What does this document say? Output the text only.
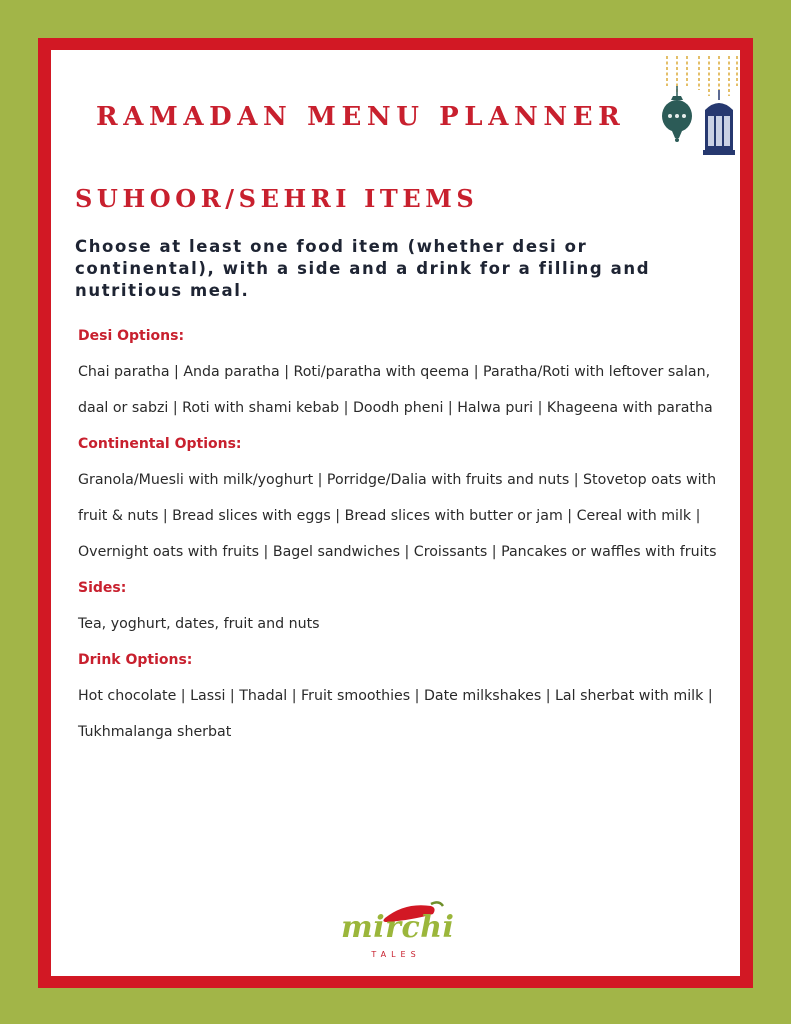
RAMADAN MENU PLANNER
SUHOOR/SEHRI ITEMS

Choose at least one food item (whether desi or continental), with a side and a drink for a filling and nutritious meal.

Desi Options:

Chai paratha | Anda paratha | Roti/paratha with qeema | Paratha/Roti with leftover salan, daal or sabzi | Roti with shami kebab | Doodh pheni | Halwa puri | Khageena with paratha

Continental Options:

Granola/Muesli with milk/yoghurt | Porridge/Dalia with fruits and nuts | Stovetop oats with fruit & nuts | Bread slices with eggs | Bread slices with butter or jam | Cereal with milk | Overnight oats with fruits | Bagel sandwiches | Croissants | Pancakes or waffles with fruits

Sides:

Tea, yoghurt, dates, fruit and nuts

Drink Options:

Hot chocolate | Lassi | Thadal | Fruit smoothies | Date milkshakes | Lal sherbat with milk | Tukhmalanga sherbat

mirchi
TALES
